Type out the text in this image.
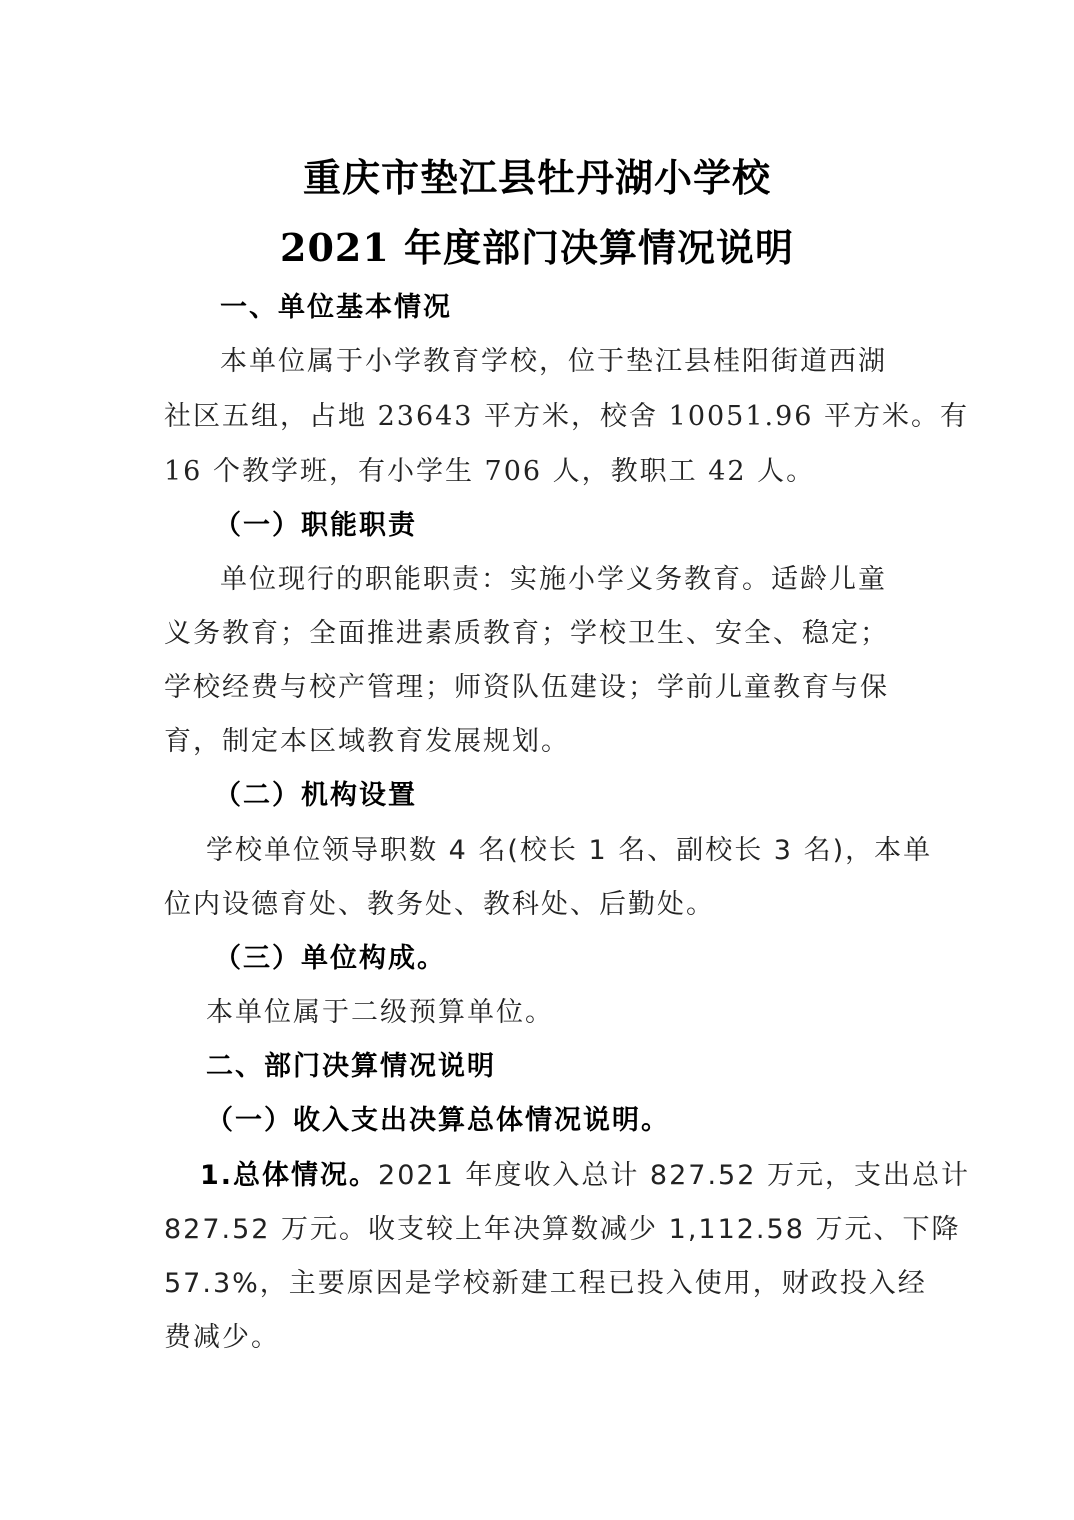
重庆市垫江县牡丹湖小学校
2021 年度部门决算情况说明
一、单位基本情况
本单位属于小学教育学校，位于垫江县桂阳街道西湖
社区五组，占地 23643 平方米，校舍 10051.96 平方米。有
16 个教学班，有小学生 706 人，教职工 42 人。
（一）职能职责
单位现行的职能职责：实施小学义务教育。适龄儿童
义务教育；全面推进素质教育；学校卫生、安全、稳定；
学校经费与校产管理；师资队伍建设；学前儿童教育与保
育，制定本区域教育发展规划。
（二）机构设置
学校单位领导职数 4 名(校长 1 名、副校长 3 名)，本单
位内设德育处、教务处、教科处、后勤处。
（三）单位构成。
本单位属于二级预算单位。
二、部门决算情况说明
（一）收入支出决算总体情况说明。
1.总体情况。2021 年度收入总计 827.52 万元，支出总计
827.52 万元。收支较上年决算数减少 1,112.58 万元、下降
57.3%，主要原因是学校新建工程已投入使用，财政投入经
费减少。
